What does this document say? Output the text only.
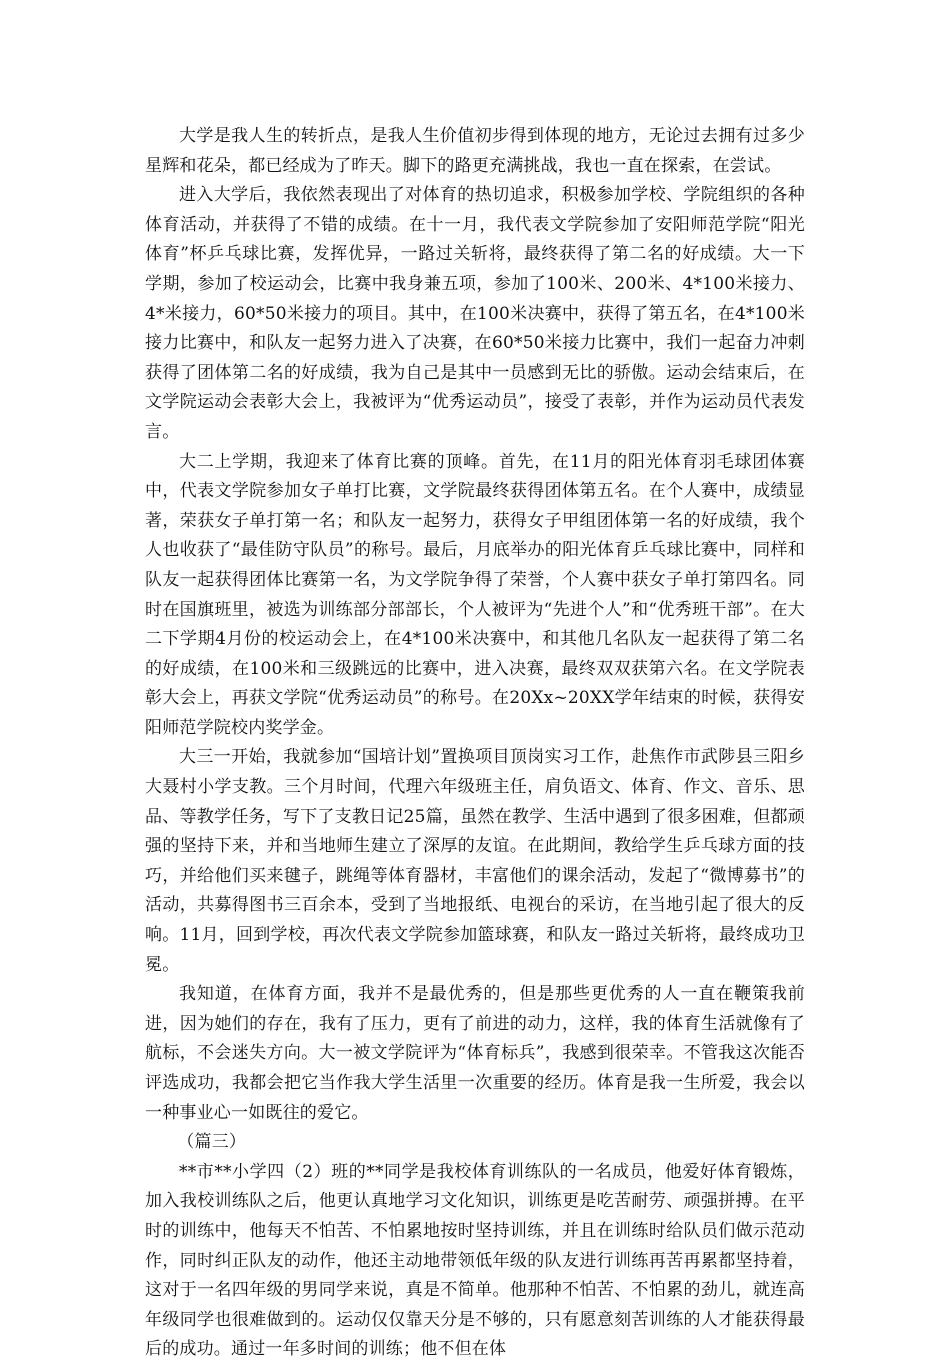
大学是我人生的转折点，是我人生价值初步得到体现的地方，无论过去拥有过多少星辉和花朵，都已经成为了昨天。脚下的路更充满挑战，我也一直在探索，在尝试。

进入大学后，我依然表现出了对体育的热切追求，积极参加学校、学院组织的各种体育活动，并获得了不错的成绩。在十一月，我代表文学院参加了安阳师范学院“阳光体育”杯乒乓球比赛，发挥优异，一路过关斩将，最终获得了第二名的好成绩。大一下学期，参加了校运动会，比赛中我身兼五项，参加了100米、200米、4*100米接力、4*米接力，60*50米接力的项目。其中，在100米决赛中，获得了第五名，在4*100米接力比赛中，和队友一起努力进入了决赛，在60*50米接力比赛中，我们一起奋力冲刺获得了团体第二名的好成绩，我为自己是其中一员感到无比的骄傲。运动会结束后，在文学院运动会表彰大会上，我被评为“优秀运动员”，接受了表彰，并作为运动员代表发言。

大二上学期，我迎来了体育比赛的顶峰。首先，在11月的阳光体育羽毛球团体赛中，代表文学院参加女子单打比赛，文学院最终获得团体第五名。在个人赛中，成绩显著，荣获女子单打第一名；和队友一起努力，获得女子甲组团体第一名的好成绩，我个人也收获了“最佳防守队员”的称号。最后，月底举办的阳光体育乒乓球比赛中，同样和队友一起获得团体比赛第一名，为文学院争得了荣誉，个人赛中获女子单打第四名。同时在国旗班里，被选为训练部分部部长，个人被评为“先进个人”和“优秀班干部”。在大二下学期4月份的校运动会上，在4*100米决赛中，和其他几名队友一起获得了第二名的好成绩，在100米和三级跳远的比赛中，进入决赛，最终双双获第六名。在文学院表彰大会上，再获文学院“优秀运动员”的称号。在20Xx~20XX学年结束的时候，获得安阳师范学院校内奖学金。

大三一开始，我就参加“国培计划”置换项目顶岗实习工作，赴焦作市武陟县三阳乡大聂村小学支教。三个月时间，代理六年级班主任，肩负语文、体育、作文、音乐、思品、等教学任务，写下了支教日记25篇，虽然在教学、生活中遇到了很多困难，但都顽强的坚持下来，并和当地师生建立了深厚的友谊。在此期间，教给学生乒乓球方面的技巧，并给他们买来毽子，跳绳等体育器材，丰富他们的课余活动，发起了“微博募书”的活动，共募得图书三百余本，受到了当地报纸、电视台的采访，在当地引起了很大的反响。11月，回到学校，再次代表文学院参加篮球赛，和队友一路过关斩将，最终成功卫冕。

我知道，在体育方面，我并不是最优秀的，但是那些更优秀的人一直在鞭策我前进，因为她们的存在，我有了压力，更有了前进的动力，这样，我的体育生活就像有了航标，不会迷失方向。大一被文学院评为“体育标兵”，我感到很荣幸。不管我这次能否评选成功，我都会把它当作我大学生活里一次重要的经历。体育是我一生所爱，我会以一种事业心一如既往的爱它。

（篇三）

**市**小学四（2）班的**同学是我校体育训练队的一名成员，他爱好体育锻炼，加入我校训练队之后，他更认真地学习文化知识，训练更是吃苦耐劳、顽强拼搏。在平时的训练中，他每天不怕苦、不怕累地按时坚持训练，并且在训练时给队员们做示范动作，同时纠正队友的动作，他还主动地带领低年级的队友进行训练再苦再累都坚持着，这对于一名四年级的男同学来说，真是不简单。他那种不怕苦、不怕累的劲儿，就连高年级同学也很难做到的。运动仅仅靠天分是不够的，只有愿意刻苦训练的人才能获得最后的成功。通过一年多时间的训练；他不但在体
